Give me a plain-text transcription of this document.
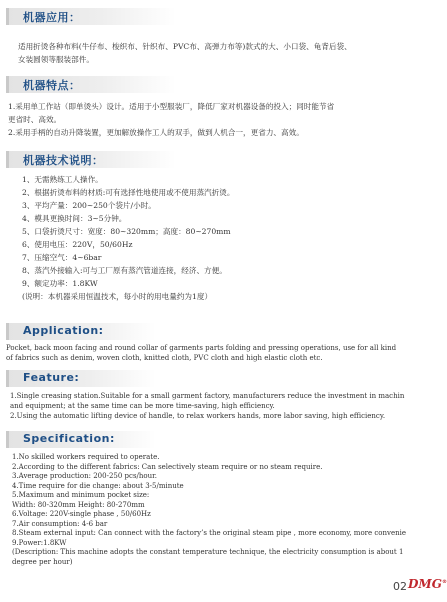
机器应用：
适用折烫各种布料(牛仔布、梭织布、针织布、PVC布、高弹力布等)款式的大、小口袋、龟背后袋、
女装圆领等服装部件。
机器特点：
1.采用单工作站（即单烫头）设计。适用于小型服装厂，降低厂家对机器设备的投入；同时能节省
更省时、高效。
2.采用手柄的自动升降装置，更加解放操作工人的双手，做到人机合一，更省力、高效。
机器技术说明：
1、无需熟练工人操作。
2、根据折烫布料的材质:可有选择性地使用或不使用蒸汽折烫。
3、平均产量：200~250个袋片/小时。
4、模具更换时间：3~5分钟。
5、口袋折烫尺寸：宽度：80~320mm；高度：80~270mm
6、使用电压：220V，50/60Hz
7、压缩空气：4~6bar
8、蒸汽外接输入:可与工厂原有蒸汽管道连接，经济、方便。
9、额定功率：1.8KW
(说明：本机器采用恒温技术，每小时的用电量约为1度）
Application:
Pocket, back moon facing and round collar of garments parts folding and pressing operations, use for all kind
of fabrics such as denim, woven cloth, knitted cloth, PVC cloth and high elastic cloth etc.
Feature:
1.Single creasing station.Suitable for a small garment factory, manufacturers reduce the investment in machin
and equipment; at the same time can be more time-saving, high efficiency.
2.Using the automatic lifting device of handle, to relax workers hands, more labor saving, high efficiency.
Specification:
1.No skilled workers required to operate.
2.According to the different fabrics: Can selectively steam require or no steam require.
3.Average production: 200-250 pcs/hour.
4.Time require for die change: about 3-5/minute
5.Maximum and minimum pocket size:
Width: 80-320mm Height: 80-270mm
6.Voltage: 220V-single phase , 50/60Hz
7.Air consumption: 4-6 bar
8.Steam external input: Can connect with the factory’s the original steam pipe , more economy, more convenie
9.Power:1.8KW
(Description: This machine adopts the constant temperature technique, the electricity consumption is about 1
degree per hour)
02 DMG®
